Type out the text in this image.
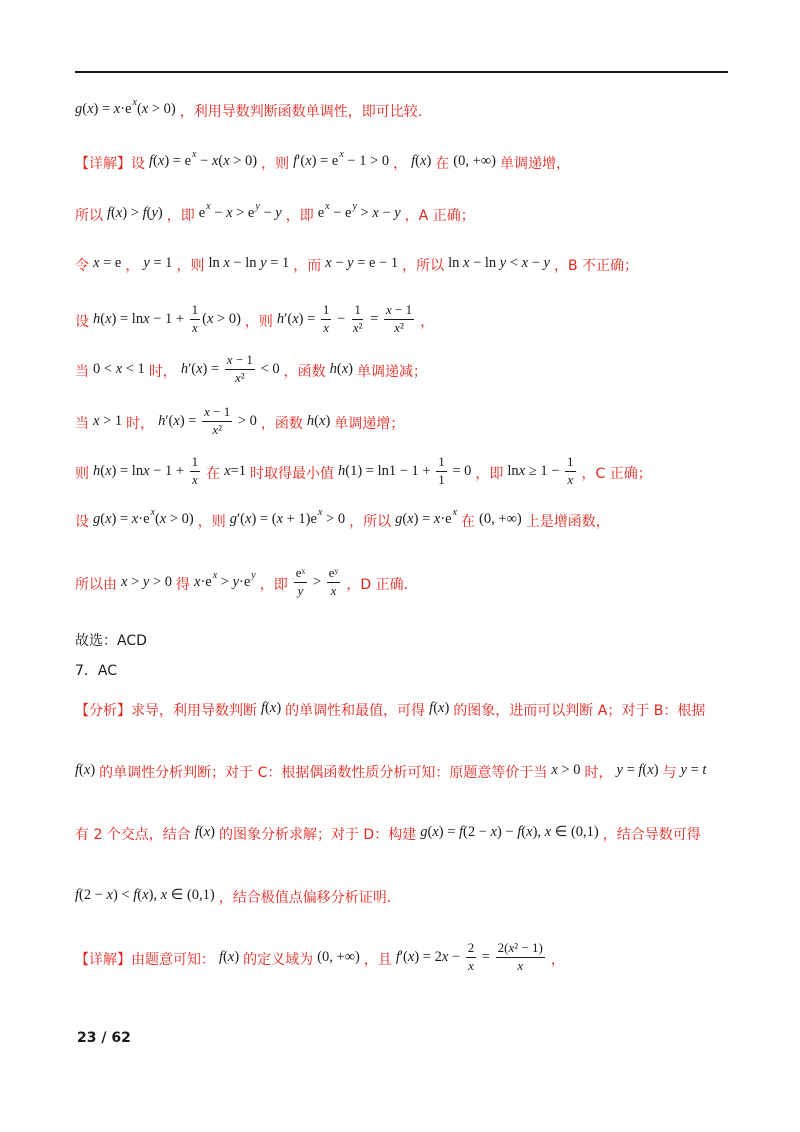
g(x) = x·e x (x > 0) ，利用导数判断函数单调性，即可比较.
【详解】设 f(x) = e x − x(x > 0) ，则 f′(x) = e x − 1 > 0 ， f(x) 在 (0, +∞) 单调递增，
所以 f(x) > f(y) ，即 e x − x > e y − y ，即 e x − e y > x − y ，A 正确；
令 x = e ， y = 1 ，则 ln x − ln y = 1 ，而 x − y = e − 1 ，所以 ln x − ln y < x − y ，B 不正确；
设 $h(x) = \ln x - 1 + \frac{1}{x} (x > 0)$ ，则 $h'(x) = \frac{1}{x} - \frac{1}{\text{x²}} = \frac{x - 1}{\text{x²}}$ ，
当 0 < x < 1 时， $h'(x) = \frac{x - 1}{\text{x²}} < 0$ ，函数 h(x) 单调递减；
当 x > 1 时， $h'(x) = \frac{x - 1}{\text{x²}} > 0$ ，函数 h(x) 单调递增；
则 $h(x) = \ln x - 1 + \frac{1}{x}$ 在 x=1 时取得最小值 $h(1) = \ln 1 - 1 + \frac{1}{1} = 0$ ，即 $\ln x \ge 1 - \frac{1}{x}$ ，C 正确；
设 g(x) = x·e x (x > 0) ，则 g′(x) = (x + 1)e x > 0 ，所以 g(x) = x·e x
在 (0, +∞) 上是增函数，
所以由 x > y > 0 得 x·e x > y·e y
，即 $\frac{\text{eˣ}}{y} > \frac{\text{eʸ}}{x}$ ，D 正确.
故选：ACD
7．AC
【分析】求导，利用导数判断 f(x) 的单调性和最值，可得 f(x) 的图象，进而可以判断 A；对于 B：根据
f(x) 的单调性分析判断；对于 C：根据偶函数性质分析可知：原题意等价于当 x > 0 时， y = f(x) 与 y = t
有 2 个交点，结合 f(x) 的图象分析求解；对于 D：构建 g(x) = f(2 − x) − f(x), x ∈ (0,1) ，结合导数可得
f(2 − x) < f(x), x ∈ (0,1) ，结合极值点偏移分析证明.
【详解】由题意可知： f(x) 的定义域为 (0, +∞) ，且 $f'(x) = 2x - \frac{2}{x} = \frac{\text{2(x² − 1)}}{x}$ ，
23 / 62
